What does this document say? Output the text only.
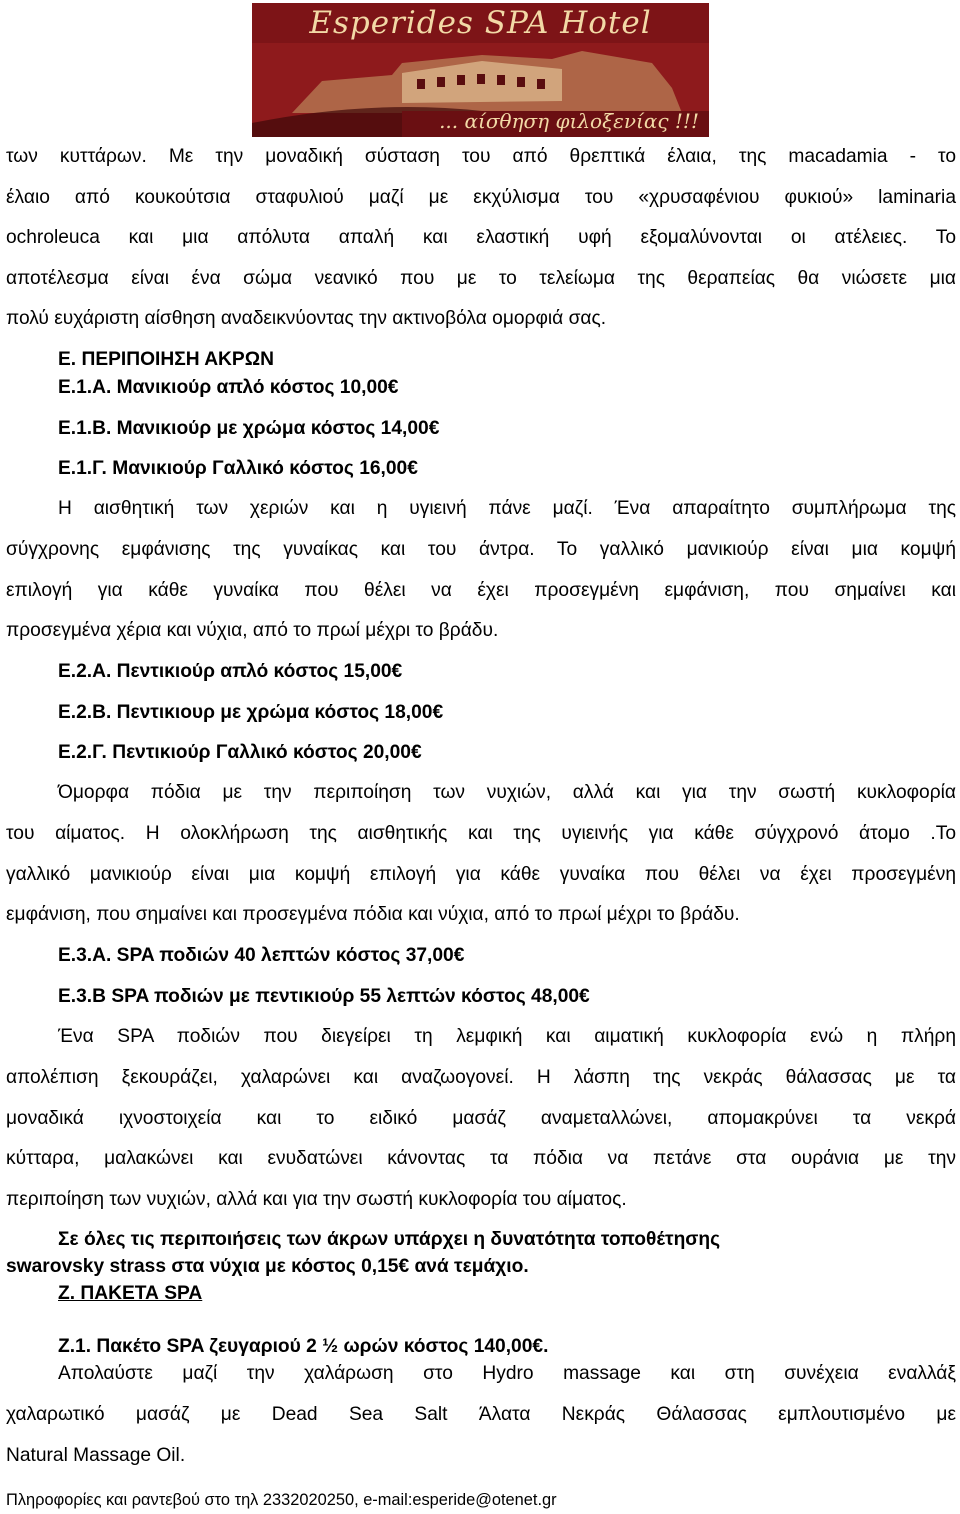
Esperides SPA Hotel
... αίσθηση φιλοξενίας !!!
των κυττάρων. Με την μοναδική σύσταση του από θρεπτικά έλαια, της macadamia - το
έλαιο από κουκούτσια σταφυλιού μαζί με εκχύλισμα του «χρυσαφένιου φυκιού» laminaria
ochroleuca και μια απόλυτα απαλή και ελαστική υφή εξομαλύνονται οι ατέλειες. Το
αποτέλεσμα είναι ένα σώμα νεανικό που με το τελείωμα της θεραπείας θα νιώσετε μια
πολύ ευχάριστη αίσθηση αναδεικνύοντας την ακτινοβόλα ομορφιά σας.
Ε. ΠΕΡΙΠΟΙΗΣΗ ΑΚΡΩΝ
Ε.1.Α. Μανικιούρ απλό κόστος 10,00€
Ε.1.Β. Μανικιούρ με χρώμα κόστος 14,00€
Ε.1.Γ. Μανικιούρ Γαλλικό κόστος 16,00€
Η αισθητική των χεριών και η υγιεινή πάνε μαζί. Ένα απαραίτητο συμπλήρωμα της
σύγχρονης εμφάνισης της γυναίκας και του άντρα. Το γαλλικό μανικιούρ είναι μια κομψή
επιλογή για κάθε γυναίκα που θέλει να έχει προσεγμένη εμφάνιση, που σημαίνει και
προσεγμένα χέρια και νύχια, από το πρωί μέχρι το βράδυ.
Ε.2.Α. Πεντικιούρ απλό κόστος 15,00€
Ε.2.Β. Πεντικιουρ με χρώμα κόστος 18,00€
Ε.2.Γ. Πεντικιούρ Γαλλικό κόστος 20,00€
Όμορφα πόδια με την περιποίηση των νυχιών, αλλά και για την σωστή κυκλοφορία
του αίματος. Η ολοκλήρωση της αισθητικής και της υγιεινής για κάθε σύγχρονό άτομο .Το
γαλλικό μανικιούρ είναι μια κομψή επιλογή για κάθε γυναίκα που θέλει να έχει προσεγμένη
εμφάνιση, που σημαίνει και προσεγμένα πόδια και νύχια, από το πρωί μέχρι το βράδυ.
Ε.3.Α. SPA ποδιών 40 λεπτών κόστος 37,00€
Ε.3.Β SPA ποδιών με πεντικιούρ 55 λεπτών κόστος 48,00€
Ένα SPA ποδιών που διεγείρει τη λεμφική και αιματική κυκλοφορία ενώ η πλήρη
απολέπιση ξεκουράζει, χαλαρώνει και αναζωογονεί. Η λάσπη της νεκράς θάλασσας με τα
μοναδικά ιχνοστοιχεία και το ειδικό μασάζ αναμεταλλώνει, απομακρύνει τα νεκρά
κύτταρα, μαλακώνει και ενυδατώνει κάνοντας τα πόδια να πετάνε στα ουράνια με την
περιποίηση των νυχιών, αλλά και για την σωστή κυκλοφορία του αίματος.
Σε όλες τις περιποιήσεις των άκρων υπάρχει η δυνατότητα τοποθέτησης
swarovsky strass στα νύχια με κόστος 0,15€ ανά τεμάχιο.
Ζ. ΠΑΚΕΤΑ SPA
Ζ.1. Πακέτο SPA ζευγαριού 2 ½ ωρών κόστος 140,00€.
Απολαύστε μαζί την χαλάρωση στο Hydro massage και στη συνέχεια εναλλάξ
χαλαρωτικό μασάζ με Dead Sea Salt Άλατα Νεκράς Θάλασσας εμπλουτισμένο με
Natural Massage Oil.
Πληροφορίες και ραντεβού στο τηλ 2332020250, e-mail:esperide@otenet.gr
